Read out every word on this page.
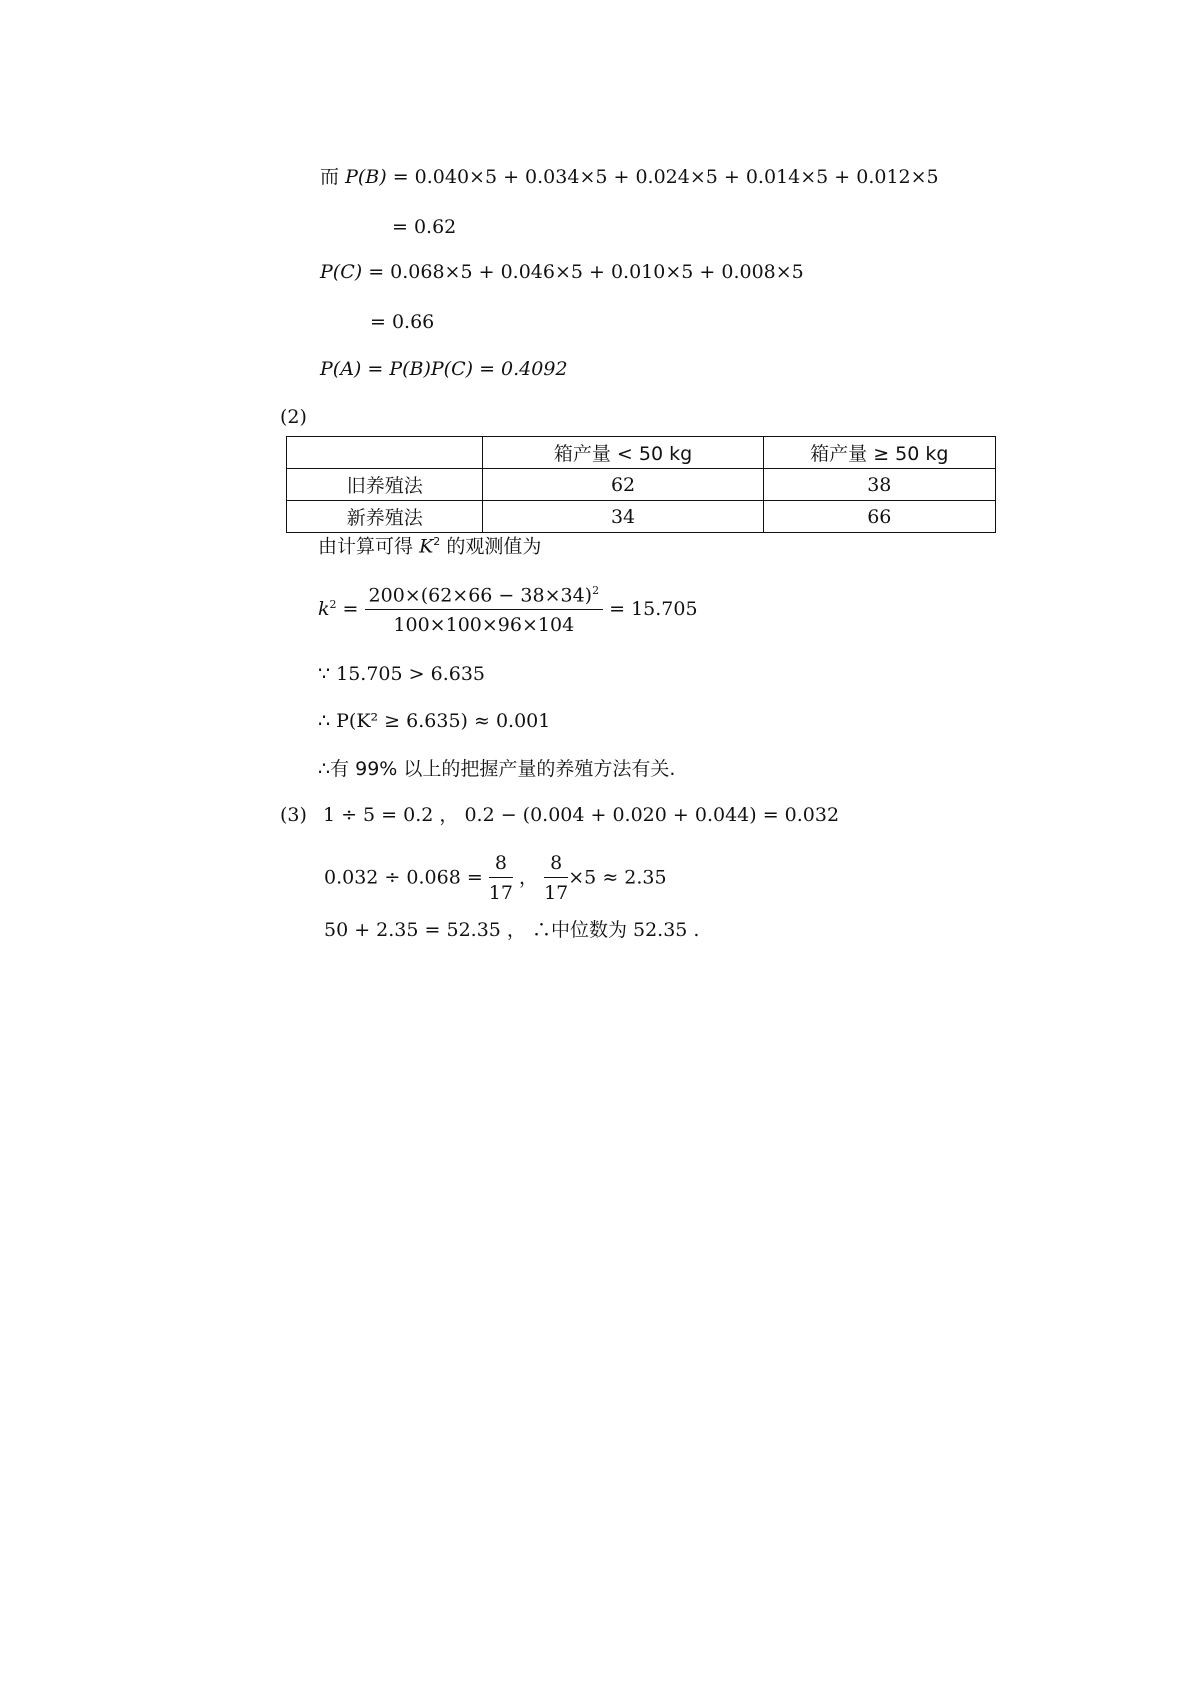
而 P(B) = 0.040×5 + 0.034×5 + 0.024×5 + 0.014×5 + 0.012×5
= 0.62
P(C) = 0.068×5 + 0.046×5 + 0.010×5 + 0.008×5
= 0.66
P(A) = P(B)P(C) = 0.4092
(2)
	箱产量 < 50 kg	箱产量 ≥ 50 kg
旧养殖法	62	38
新养殖法	34	66
由计算可得 $K^2$ 的观测值为
$k^2 = \frac{200\times(62\times 66 - 38\times 34)^2}{100\times 100\times 96\times 104} = 15.705$
∵ 15.705 > 6.635
∴ P(K² ≥ 6.635) ≈ 0.001
∴有 99% 以上的把握产量的养殖方法有关.
(3) 1 ÷ 5 = 0.2 ， 0.2 − (0.004 + 0.020 + 0.044) = 0.032
$0.032 \div 0.068 = \frac{8}{17}$ ， $\frac{8}{17} \times 5 \approx 2.35$
50 + 2.35 = 52.35 ， ∴中位数为 52.35 .
